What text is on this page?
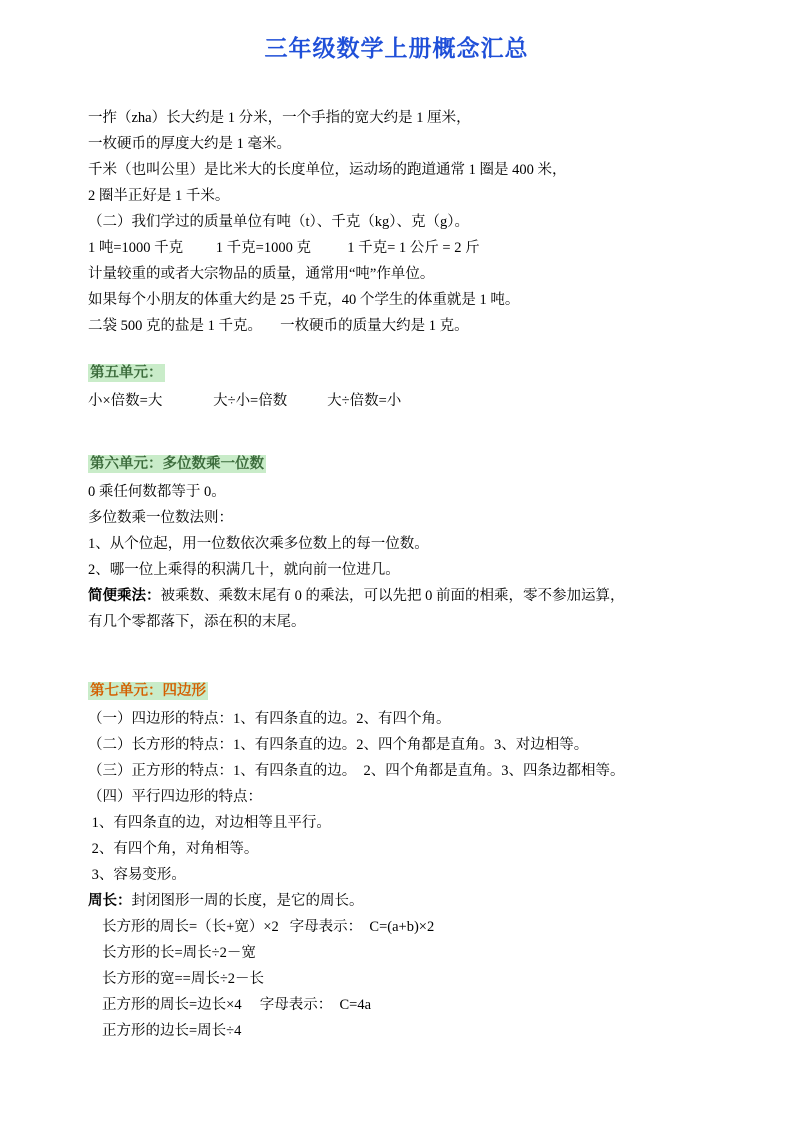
三年级数学上册概念汇总
一拃（zha）长大约是 1 分米，一个手指的宽大约是 1 厘米，
一枚硬币的厚度大约是 1 毫米。
千米（也叫公里）是比米大的长度单位，运动场的跑道通常 1 圈是 400 米，
2 圈半正好是 1 千米。
（二）我们学过的质量单位有吨（t）、千克（kg）、克（g）。
1 吨=1000 千克         1 千克=1000 克          1 千克= 1 公斤 = 2 斤
计量较重的或者大宗物品的质量，通常用“吨”作单位。
如果每个小朋友的体重大约是 25 千克，40 个学生的体重就是 1 吨。
二袋 500 克的盐是 1 千克。     一枚硬币的质量大约是 1 克。
第五单元：
小×倍数=大              大÷小=倍数           大÷倍数=小
第六单元：多位数乘一位数
0 乘任何数都等于 0。
多位数乘一位数法则：
1、从个位起，用一位数依次乘多位数上的每一位数。
2、哪一位上乘得的积满几十，就向前一位进几。
简便乘法：被乘数、乘数末尾有 0 的乘法，可以先把 0 前面的相乘，零不参加运算，
有几个零都落下，添在积的末尾。
第七单元：四边形
（一）四边形的特点：1、有四条直的边。2、有四个角。
（二）长方形的特点：1、有四条直的边。2、四个角都是直角。3、对边相等。
（三）正方形的特点：1、有四条直的边。  2、四个角都是直角。3、四条边都相等。
（四）平行四边形的特点：
1、有四条直的边，对边相等且平行。
2、有四个角，对角相等。
3、容易变形。
周长：封闭图形一周的长度，是它的周长。
长方形的周长=（长+宽）×2   字母表示：  C=(a+b)×2
长方形的长=周长÷2－宽
长方形的宽==周长÷2－长
正方形的周长=边长×4     字母表示：  C=4a
正方形的边长=周长÷4
